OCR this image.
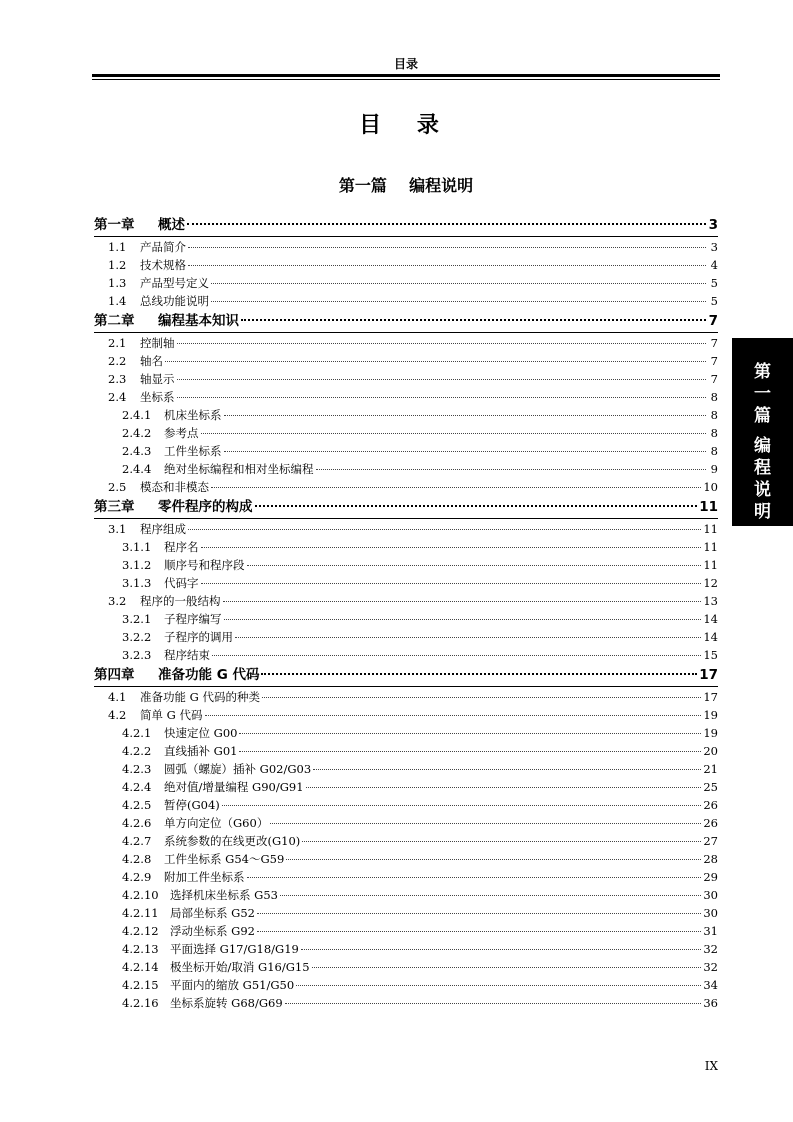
目录
目 录
第一篇    编程说明
第一章	概述	3
1.1	产品简介	3
1.2	技术规格	4
1.3	产品型号定义	5
1.4	总线功能说明	5
第二章	编程基本知识	7
2.1	控制轴	7
2.2	轴名	7
2.3	轴显示	7
2.4	坐标系	8
2.4.1	机床坐标系	8
2.4.2	参考点	8
2.4.3	工件坐标系	8
2.4.4	绝对坐标编程和相对坐标编程	9
2.5	模态和非模态	10
第三章	零件程序的构成	11
3.1	程序组成	11
3.1.1	程序名	11
3.1.2	顺序号和程序段	11
3.1.3	代码字	12
3.2	程序的一般结构	13
3.2.1	子程序编写	14
3.2.2	子程序的调用	14
3.2.3	程序结束	15
第四章	准备功能 G 代码	17
4.1	准备功能 G 代码的种类	17
4.2	简单 G 代码	19
4.2.1	快速定位 G00	19
4.2.2	直线插补 G01	20
4.2.3	圆弧（螺旋）插补 G02/G03	21
4.2.4	绝对值/增量编程 G90/G91	25
4.2.5	暂停(G04)	26
4.2.6	单方向定位（G60）	26
4.2.7	系统参数的在线更改(G10)	27
4.2.8	工件坐标系 G54～G59	28
4.2.9	附加工件坐标系	29
4.2.10 选择机床坐标系 G53	30
4.2.11 局部坐标系 G52	30
4.2.12 浮动坐标系 G92	31
4.2.13 平面选择 G17/G18/G19	32
4.2.14 极坐标开始/取消 G16/G15	32
4.2.15 平面内的缩放 G51/G50	34
4.2.16 坐标系旋转 G68/G69	36
第
一
篇
编
程
说
明
IX
